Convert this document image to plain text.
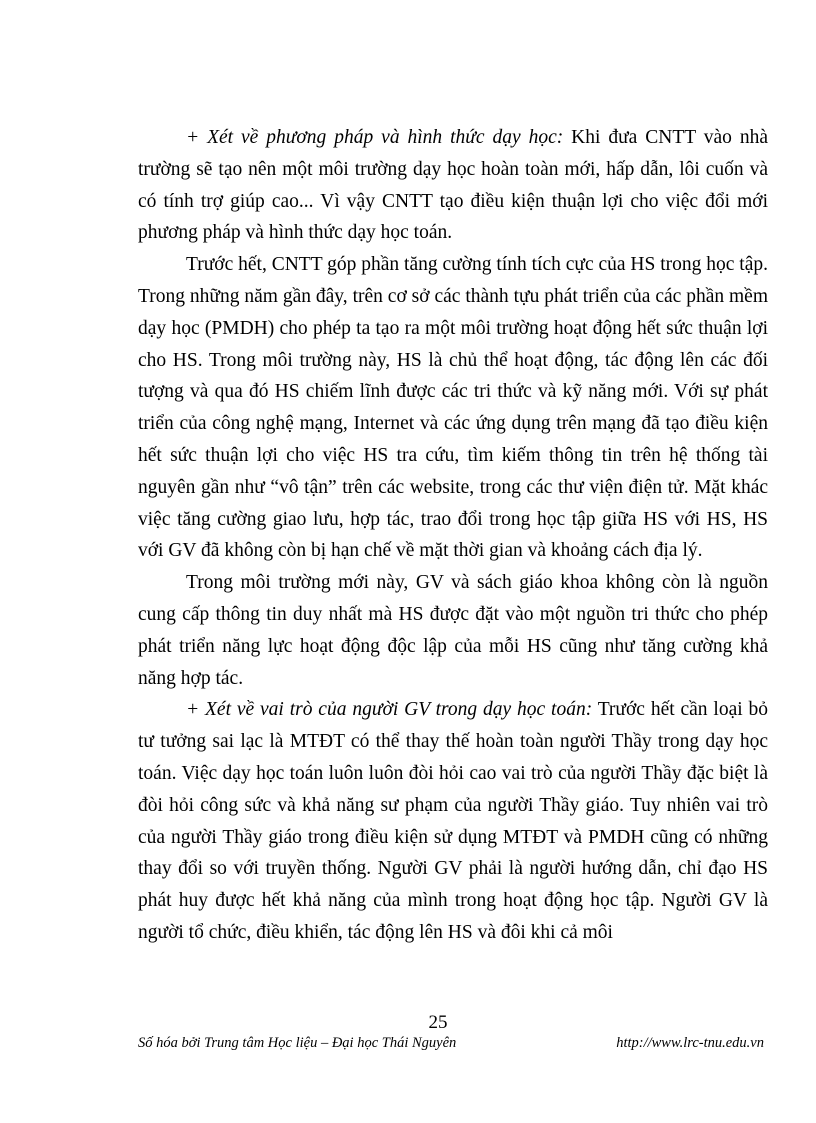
+ Xét về phương pháp và hình thức dạy học: Khi đưa CNTT vào nhà trường sẽ tạo nên một môi trường dạy học hoàn toàn mới, hấp dẫn, lôi cuốn và có tính trợ giúp cao... Vì vậy CNTT tạo điều kiện thuận lợi cho việc đổi mới phương pháp và hình thức dạy học toán.

Trước hết, CNTT góp phần tăng cường tính tích cực của HS trong học tập. Trong những năm gần đây, trên cơ sở các thành tựu phát triển của các phần mềm dạy học (PMDH) cho phép ta tạo ra một môi trường hoạt động hết sức thuận lợi cho HS. Trong môi trường này, HS là chủ thể hoạt động, tác động lên các đối tượng và qua đó HS chiếm lĩnh được các tri thức và kỹ năng mới. Với sự phát triển của công nghệ mạng, Internet và các ứng dụng trên mạng đã tạo điều kiện hết sức thuận lợi cho việc HS tra cứu, tìm kiếm thông tin trên hệ thống tài nguyên gần như “vô tận” trên các website, trong các thư viện điện tử. Mặt khác việc tăng cường giao lưu, hợp tác, trao đổi trong học tập giữa HS với HS, HS với GV đã không còn bị hạn chế về mặt thời gian và khoảng cách địa lý.

Trong môi trường mới này, GV và sách giáo khoa không còn là nguồn cung cấp thông tin duy nhất mà HS được đặt vào một nguồn tri thức cho phép phát triển năng lực hoạt động độc lập của mỗi HS cũng như tăng cường khả năng hợp tác.

+ Xét về vai trò của người GV trong dạy học toán: Trước hết cần loại bỏ tư tưởng sai lạc là MTĐT có thể thay thế hoàn toàn người Thầy trong dạy học toán. Việc dạy học toán luôn luôn đòi hỏi cao vai trò của người Thầy đặc biệt là đòi hỏi công sức và khả năng sư phạm của người Thầy giáo. Tuy nhiên vai trò của người Thầy giáo trong điều kiện sử dụng MTĐT và PMDH cũng có những thay đổi so với truyền thống. Người GV phải là người hướng dẫn, chỉ đạo HS phát huy được hết khả năng của mình trong hoạt động học tập. Người GV là người tổ chức, điều khiển, tác động lên HS và đôi khi cả môi

25
Số hóa bởi Trung tâm Học liệu – Đại học Thái Nguyên	http://www.lrc-tnu.edu.vn
